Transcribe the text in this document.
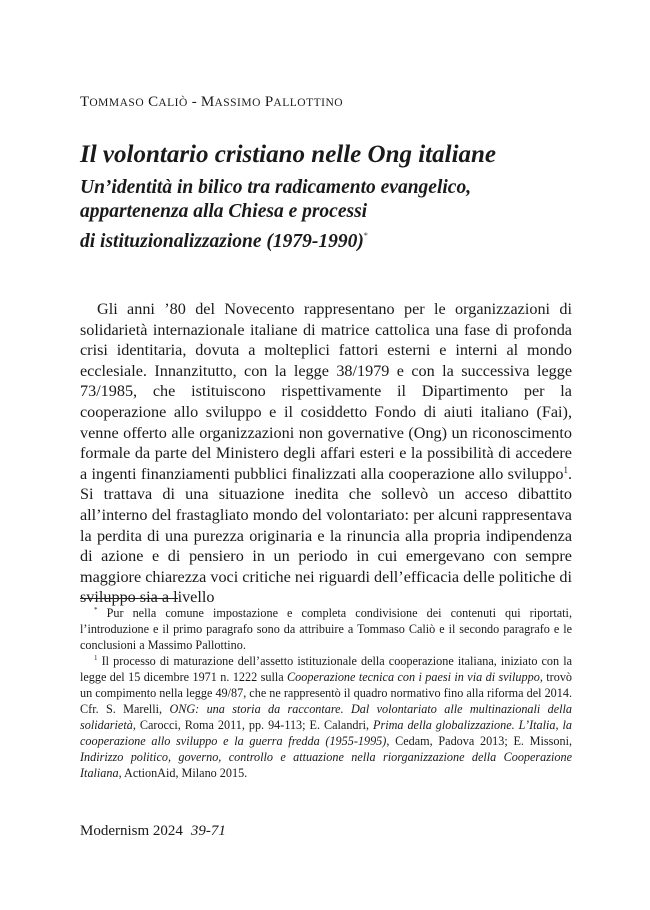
TOMMASO CALIÒ - MASSIMO PALLOTTINO
Il volontario cristiano nelle Ong italiane
Un’identità in bilico tra radicamento evangelico,
appartenenza alla Chiesa e processi
di istituzionalizzazione (1979-1990)*

Gli anni ’80 del Novecento rappresentano per le organizzazioni di solidarietà internazionale italiane di matrice cattolica una fase di profonda crisi identitaria, dovuta a molteplici fattori esterni e interni al mondo ecclesiale. Innanzitutto, con la legge 38/1979 e con la successiva legge 73/1985, che istituiscono rispettivamente il Dipartimento per la cooperazione allo sviluppo e il cosiddetto Fondo di aiuti italiano (Fai), venne offerto alle organizzazioni non governative (Ong) un riconoscimento formale da parte del Ministero degli affari esteri e la possibilità di accedere a ingenti finanziamenti pubblici finalizzati alla cooperazione allo sviluppo$^1$. Si trattava di una situazione inedita che sollevò un acceso dibattito all’interno del frastagliato mondo del volontariato: per alcuni rappresentava la perdita di una purezza originaria e la rinuncia alla propria indipendenza di azione e di pensiero in un periodo in cui emergevano con sempre maggiore chiarezza voci critiche nei riguardi dell’efficacia delle politiche di sviluppo sia a livello

* Pur nella comune impostazione e completa condivisione dei contenuti qui riportati, l’introduzione e il primo paragrafo sono da attribuire a Tommaso Caliò e il secondo paragrafo e le conclusioni a Massimo Pallottino.

$^1$ Il processo di maturazione dell’assetto istituzionale della cooperazione italiana, iniziato con la legge del 15 dicembre 1971 n. 1222 sulla Cooperazione tecnica con i paesi in via di sviluppo, trovò un compimento nella legge 49/87, che ne rappresentò il quadro normativo fino alla riforma del 2014. Cfr. S. Marelli, ONG: una storia da raccontare. Dal volontariato alle multinazionali della solidarietà, Carocci, Roma 2011, pp. 94-113; E. Calandri, Prima della globalizzazione. L’Italia, la cooperazione allo sviluppo e la guerra fredda (1955-1995), Cedam, Padova 2013; E. Missoni, Indirizzo politico, governo, controllo e attuazione nella riorganizzazione della Cooperazione Italiana, ActionAid, Milano 2015.

Modernism 2024 39-71
